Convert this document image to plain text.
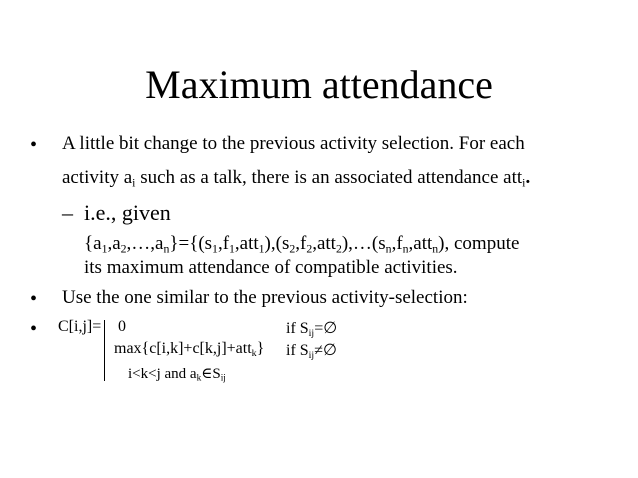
Maximum attendance
• A little bit change to the previous activity selection. For each
activity $a_i$ such as a talk, there is an associated attendance att$_i$.
– i.e., given
$\{a_1,a_2,\dots,a_n\}=\{(s_1,f_1,att_1),(s_2,f_2,att_2),\dots(s_n,f_n,att_n)$, compute
its maximum attendance of compatible activities.
• Use the one similar to the previous activity-selection:
• C[i,j]= 0	if $S_{ij}=\emptyset$
max{c[i,k]+c[k,j]+att$_k$} if $S_{ij}\ne\emptyset$
i<k<j and $a_k\in S_{ij}$
